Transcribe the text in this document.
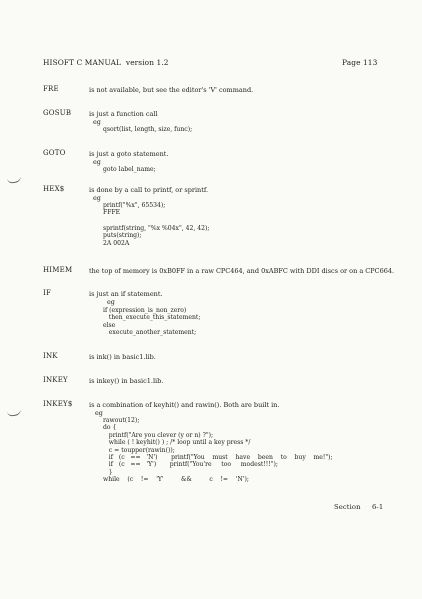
HISOFT C MANUAL  version 1.2	Page 113
FRE	is not available, but see the editor's 'V' command.
GOSUB	is just a function call
eg
qsort(list, length, size, func);
GOTO	is just a goto statement.
eg
goto label_name;
HEX$	is done by a call to printf, or sprintf.
eg
printf("%x", 65534);
FFFE
sprintf(string, "%x %04x", 42, 42);
puts(string);
2A 002A
HIMEM	the top of memory is 0xB0FF in a raw CPC464, and 0xABFC with DDI discs or on a CPC664.
IF	is just an if statement.
eg
if (expression_is_non_zero)
then_execute_this_statement;
else
execute_another_statement;
INK	is ink() in basic1.lib.
INKEY	is inkey() in basic1.lib.
INKEY$	is a combination of keyhit() and rawin(). Both are built in.
eg
rawout(12);
do {
printf("Are you clever (y or n) ?");
while ( ! keyhit() ) ; /* loop until a key press */
c = toupper(rawin());
if   (c   ==   'N')       printf("You    must    have    been    to    buy    me!");
if   (c   ==   'Y')       printf("You're     too     modest!!!");
}
while    (c    !=    'Y'         &&         c    !=    'N');
Section 6-1
